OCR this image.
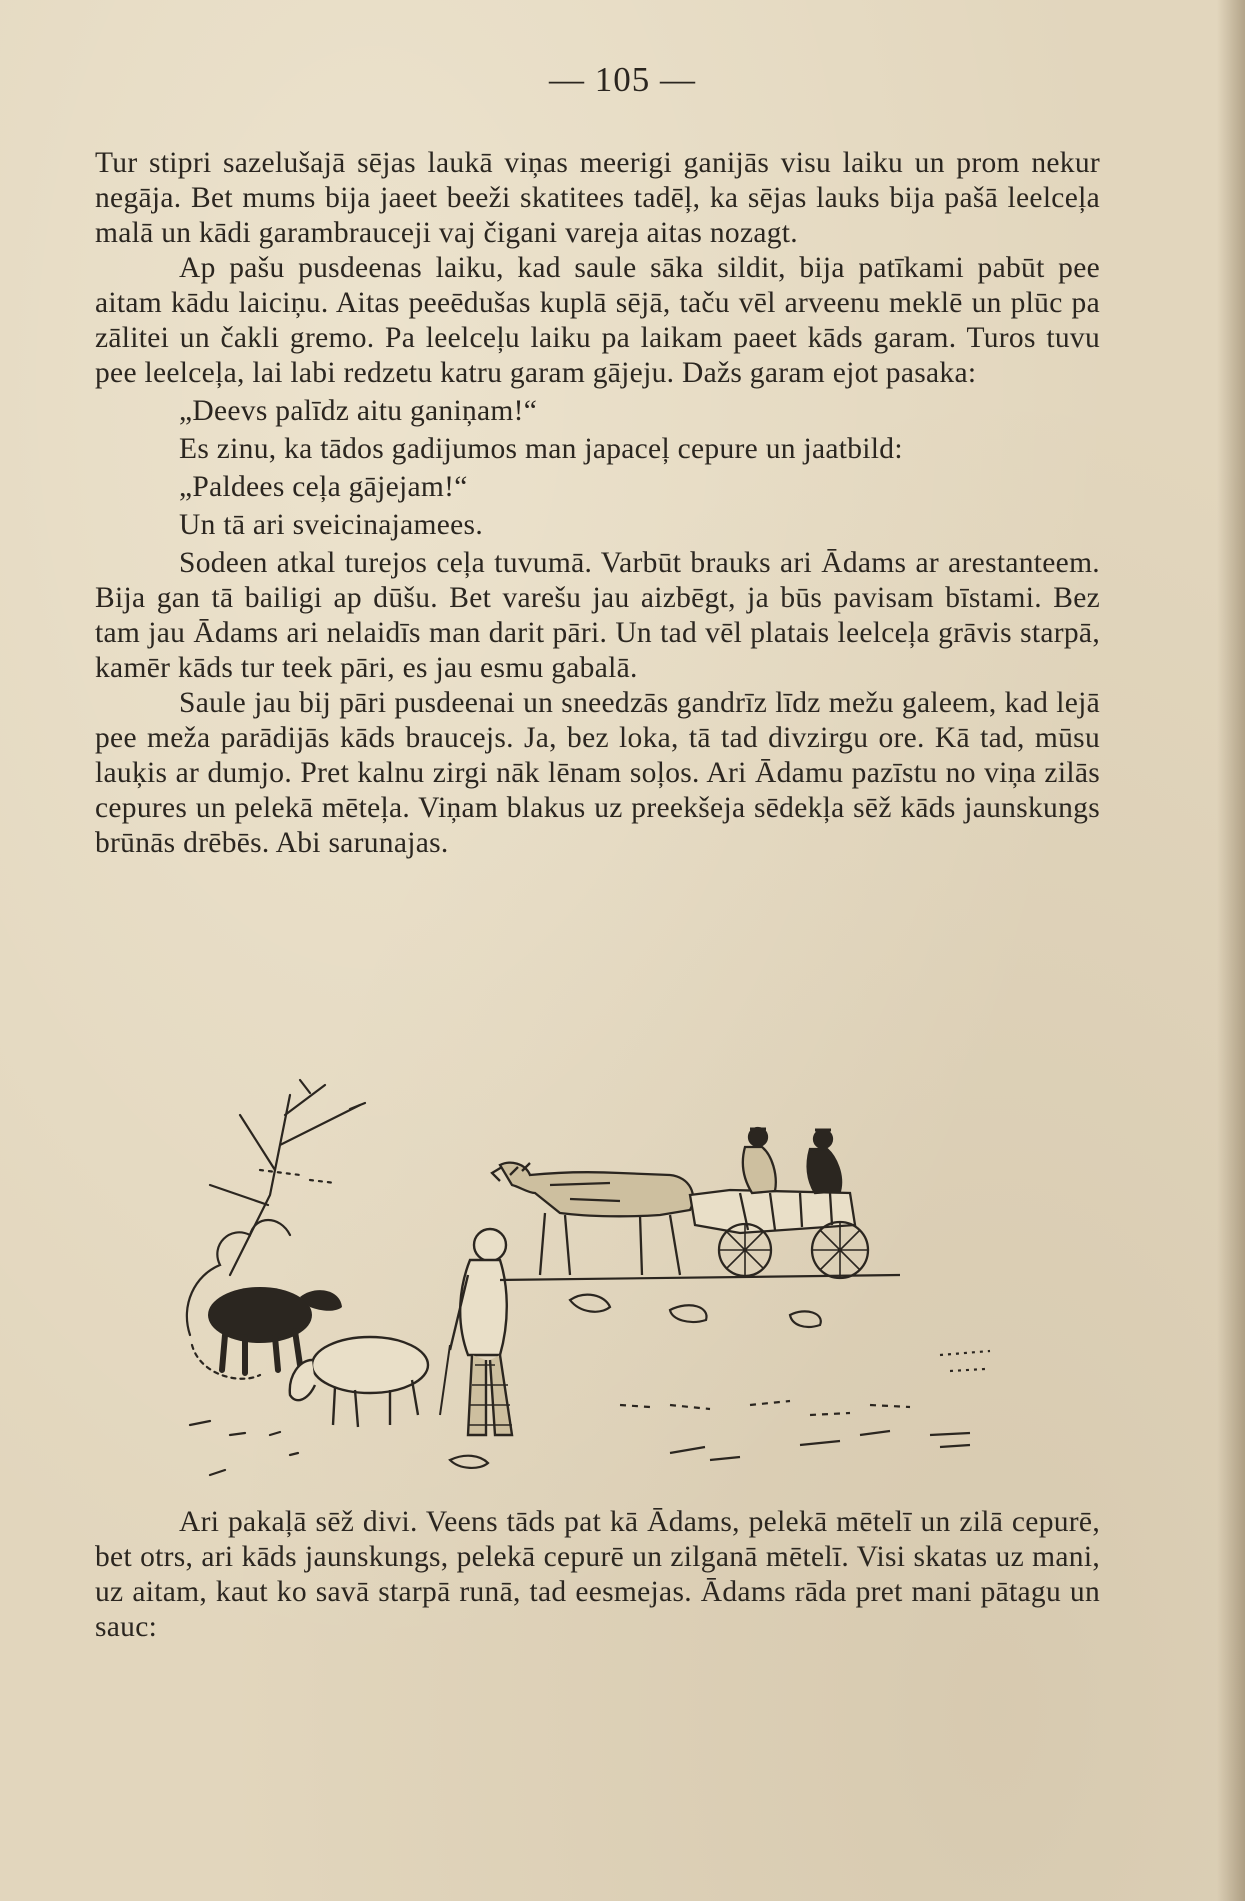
— 105 —

Tur stipri sazelušajā sējas laukā viņas meerigi ganijās visu laiku un prom nekur negāja. Bet mums bija jaeet beeži skatitees tadēļ, ka sējas lauks bija pašā leelceļa malā un kādi garambrauceji vaj čigani vareja aitas nozagt.

Ap pašu pusdeenas laiku, kad saule sāka sildit, bija patīkami pabūt pee aitam kādu laiciņu. Aitas peeēdušas kuplā sējā, taču vēl arveenu meklē un plūc pa zālitei un čakli gremo. Pa leelceļu laiku pa laikam paeet kāds garam. Turos tuvu pee leelceļa, lai labi redzetu katru garam gājeju. Dažs garam ejot pasaka:

„Deevs palīdz aitu ganiņam!“

Es zinu, ka tādos gadijumos man japaceļ cepure un jaatbild:

„Paldees ceļa gājejam!“

Un tā ari sveicinajamees.

Sodeen atkal turejos ceļa tuvumā. Varbūt brauks ari Ādams ar arestanteem. Bija gan tā bailigi ap dūšu. Bet varešu jau aizbēgt, ja būs pavisam bīstami. Bez tam jau Ādams ari nelaidīs man darit pāri. Un tad vēl platais leelceļa grāvis starpā, kamēr kāds tur teek pāri, es jau esmu gabalā.

Saule jau bij pāri pusdeenai un sneedzās gandrīz līdz mežu galeem, kad lejā pee meža parādijās kāds braucejs. Ja, bez loka, tā tad divzirgu ore. Kā tad, mūsu lauķis ar dumjo. Pret kalnu zirgi nāk lēnam soļos. Ari Ādamu pazīstu no viņa zilās cepures un pelekā mēteļa. Viņam blakus uz preekšeja sēdekļa sēž kāds jaunskungs brūnās drēbēs. Abi sarunajas.

Ari pakaļā sēž divi. Veens tāds pat kā Ādams, pelekā mētelī un zilā cepurē, bet otrs, ari kāds jaunskungs, pelekā cepurē un zilganā mētelī. Visi skatas uz mani, uz aitam, kaut ko savā starpā runā, tad eesmejas. Ādams rāda pret mani pātagu un sauc:
